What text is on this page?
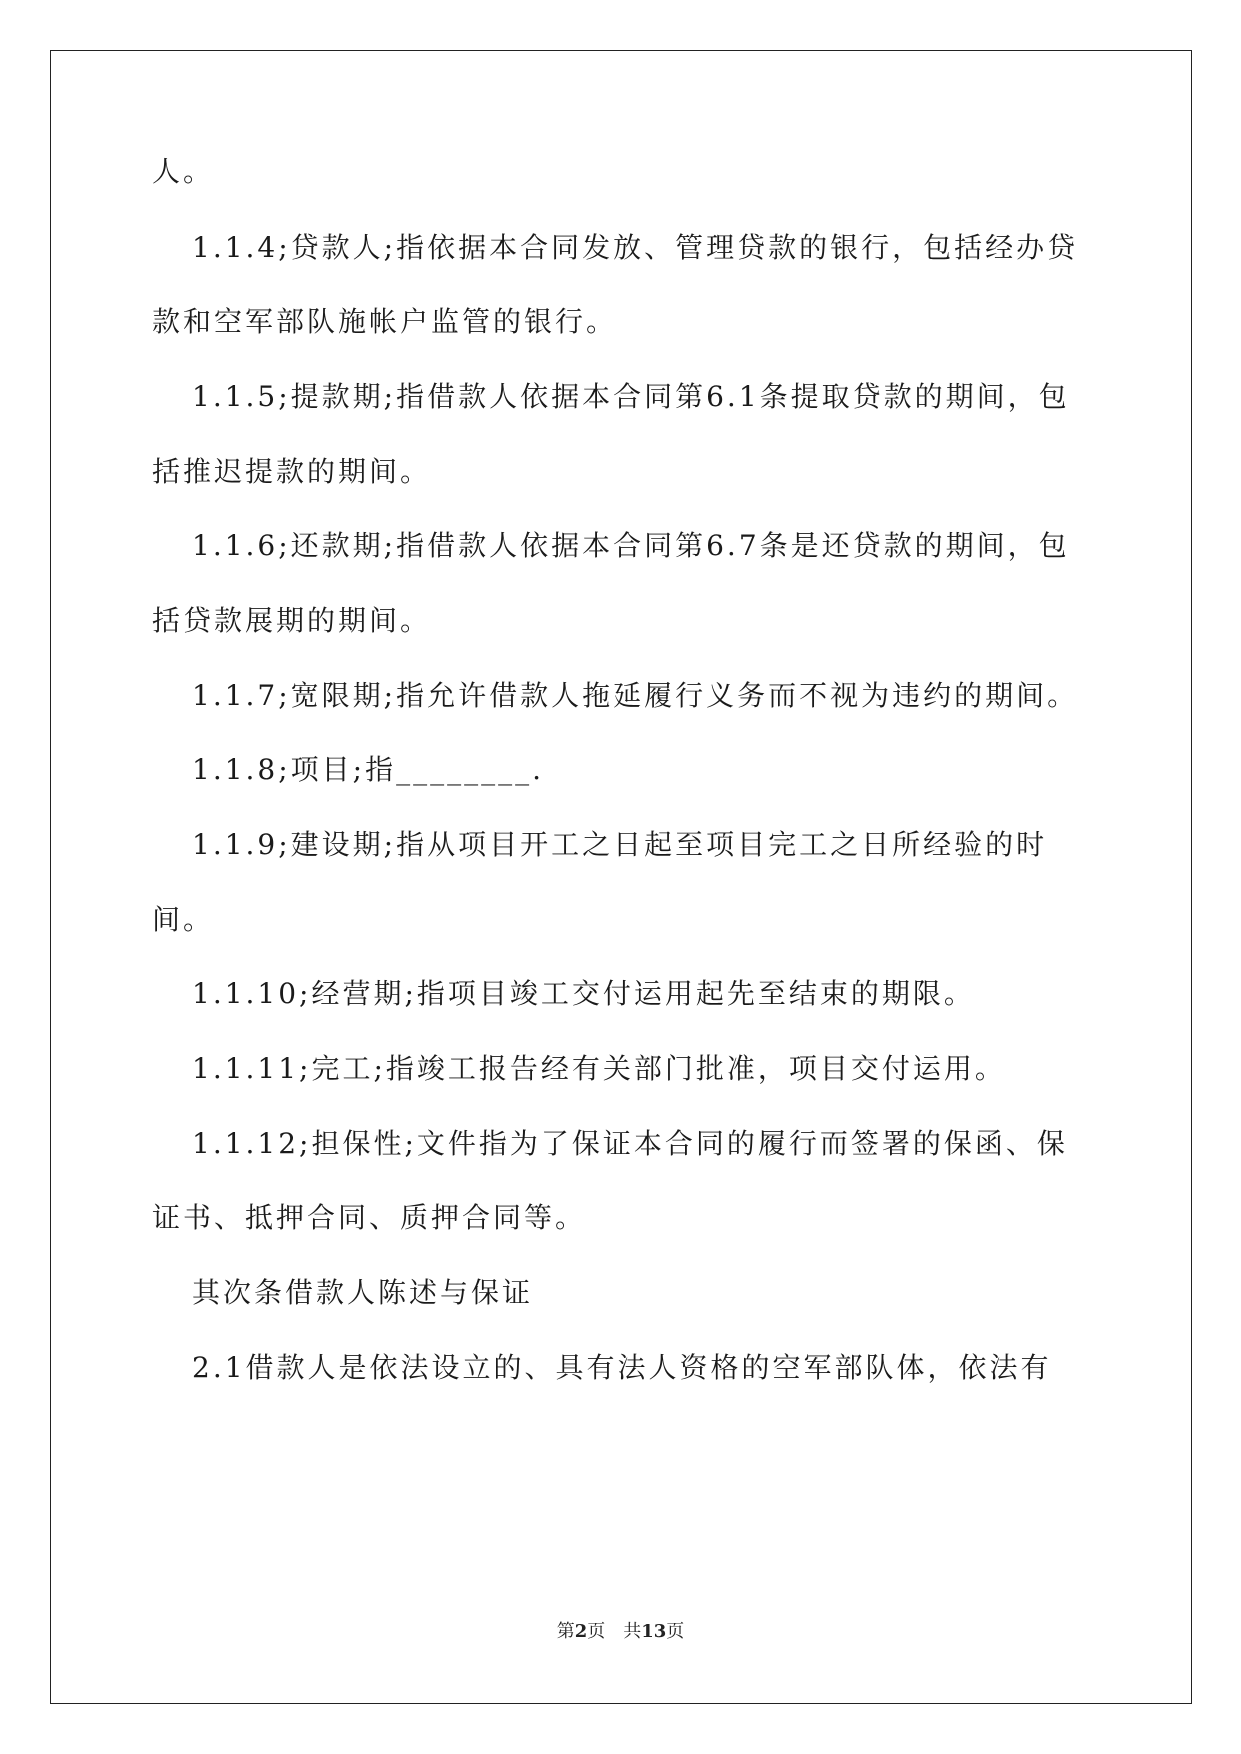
人。
1.1.4;贷款人;指依据本合同发放、管理贷款的银行，包括经办贷
款和空军部队施帐户监管的银行。
1.1.5;提款期;指借款人依据本合同第6.1条提取贷款的期间，包
括推迟提款的期间。
1.1.6;还款期;指借款人依据本合同第6.7条是还贷款的期间，包
括贷款展期的期间。
1.1.7;宽限期;指允许借款人拖延履行义务而不视为违约的期间。
1.1.8;项目;指________.
1.1.9;建设期;指从项目开工之日起至项目完工之日所经验的时
间。
1.1.10;经营期;指项目竣工交付运用起先至结束的期限。
1.1.11;完工;指竣工报告经有关部门批准，项目交付运用。
1.1.12;担保性;文件指为了保证本合同的履行而签署的保函、保
证书、抵押合同、质押合同等。
其次条借款人陈述与保证
2.1借款人是依法设立的、具有法人资格的空军部队体，依法有
第2页　共13页
